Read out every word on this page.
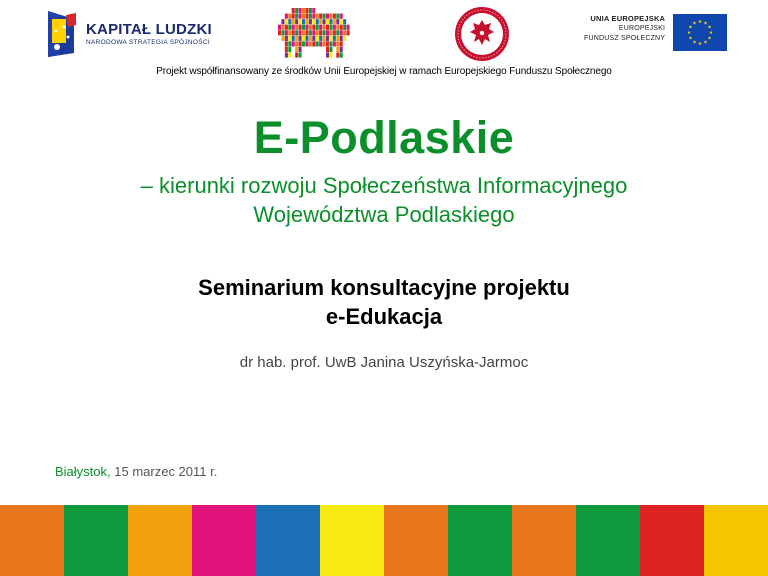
KAPITAŁ LUDZKI
NARODOWA STRATEGIA SPÓJNOŚCI
UNIA EUROPEJSKA
EUROPEJSKI
FUNDUSZ SPOŁECZNY
Projekt współfinansowany ze środków Unii Europejskiej w ramach Europejskiego Funduszu Społecznego
E-Podlaskie
– kierunki rozwoju Społeczeństwa Informacyjnego
Województwa Podlaskiego
Seminarium konsultacyjne projektu
e-Edukacja
dr hab. prof. UwB Janina Uszyńska-Jarmoc
Białystok, 15 marzec 2011 r.
